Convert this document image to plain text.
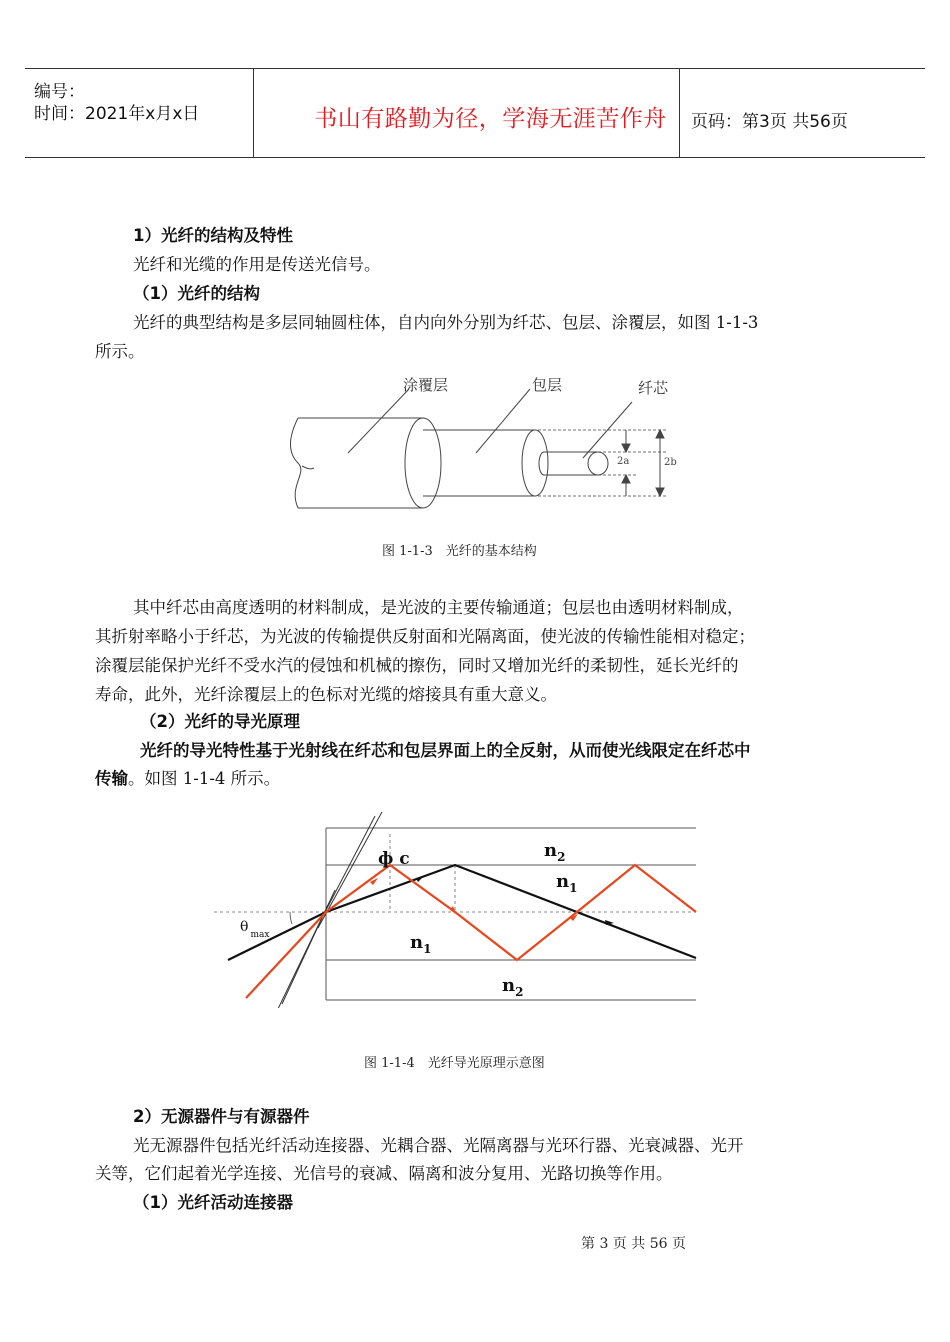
编号：
时间：2021年x月x日	书山有路勤为径，学海无涯苦作舟	页码：第3页 共56页
1）光纤的结构及特性
光纤和光缆的作用是传送光信号。
（1）光纤的结构
光纤的典型结构是多层同轴圆柱体，自内向外分别为纤芯、包层、涂覆层，如图 1-1-3
所示。
涂覆层	包层	纤芯
2a	2b
图 1-1-3　光纤的基本结构
其中纤芯由高度透明的材料制成，是光波的主要传输通道；包层也由透明材料制成，
其折射率略小于纤芯，为光波的传输提供反射面和光隔离面，使光波的传输性能相对稳定；
涂覆层能保护光纤不受水汽的侵蚀和机械的擦伤，同时又增加光纤的柔韧性，延长光纤的
寿命，此外，光纤涂覆层上的色标对光缆的熔接具有重大意义。
（2）光纤的导光原理
光纤的导光特性基于光射线在纤芯和包层界面上的全反射，从而使光线限定在纤芯中
传输。如图 1-1-4 所示。
ф c	$n_2$
$n_1$
$n_1$
$n_2$
θ $_{max}$
图 1-1-4　光纤导光原理示意图
2）无源器件与有源器件
光无源器件包括光纤活动连接器、光耦合器、光隔离器与光环行器、光衰减器、光开
关等，它们起着光学连接、光信号的衰减、隔离和波分复用、光路切换等作用。
（1）光纤活动连接器
第 3 页 共 56 页
